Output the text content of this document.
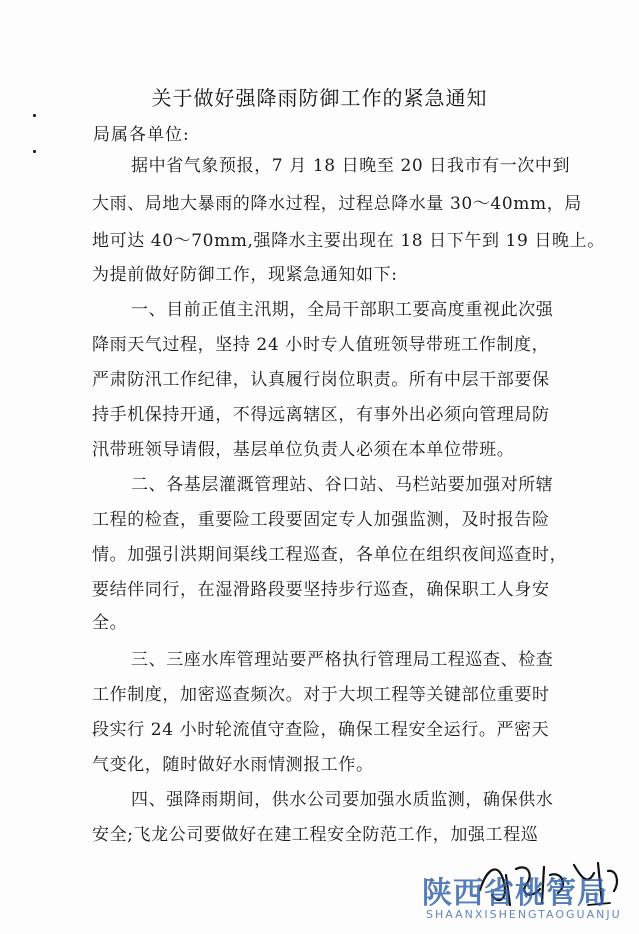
关于做好强降雨防御工作的紧急通知
局属各单位:
据中省气象预报，7 月 18 日晚至 20 日我市有一次中到
大雨、局地大暴雨的降水过程，过程总降水量 30～40mm，局
地可达 40～70mm,强降水主要出现在 18 日下午到 19 日晚上。
为提前做好防御工作，现紧急通知如下:
一、目前正值主汛期，全局干部职工要高度重视此次强
降雨天气过程，坚持 24 小时专人值班领导带班工作制度，
严肃防汛工作纪律，认真履行岗位职责。所有中层干部要保
持手机保持开通，不得远离辖区，有事外出必须向管理局防
汛带班领导请假，基层单位负责人必须在本单位带班。
二、各基层灌溉管理站、谷口站、马栏站要加强对所辖
工程的检查，重要险工段要固定专人加强监测，及时报告险
情。加强引洪期间渠线工程巡查，各单位在组织夜间巡查时，
要结伴同行，在湿滑路段要坚持步行巡查，确保职工人身安
全。
三、三座水库管理站要严格执行管理局工程巡查、检查
工作制度，加密巡查频次。对于大坝工程等关键部位重要时
段实行 24 小时轮流值守查险，确保工程安全运行。严密天
气变化，随时做好水雨情测报工作。
四、强降雨期间，供水公司要加强水质监测，确保供水
安全;飞龙公司要做好在建工程安全防范工作，加强工程巡
陕西省桃管局
SHAANXISHENGTAOGUANJU
